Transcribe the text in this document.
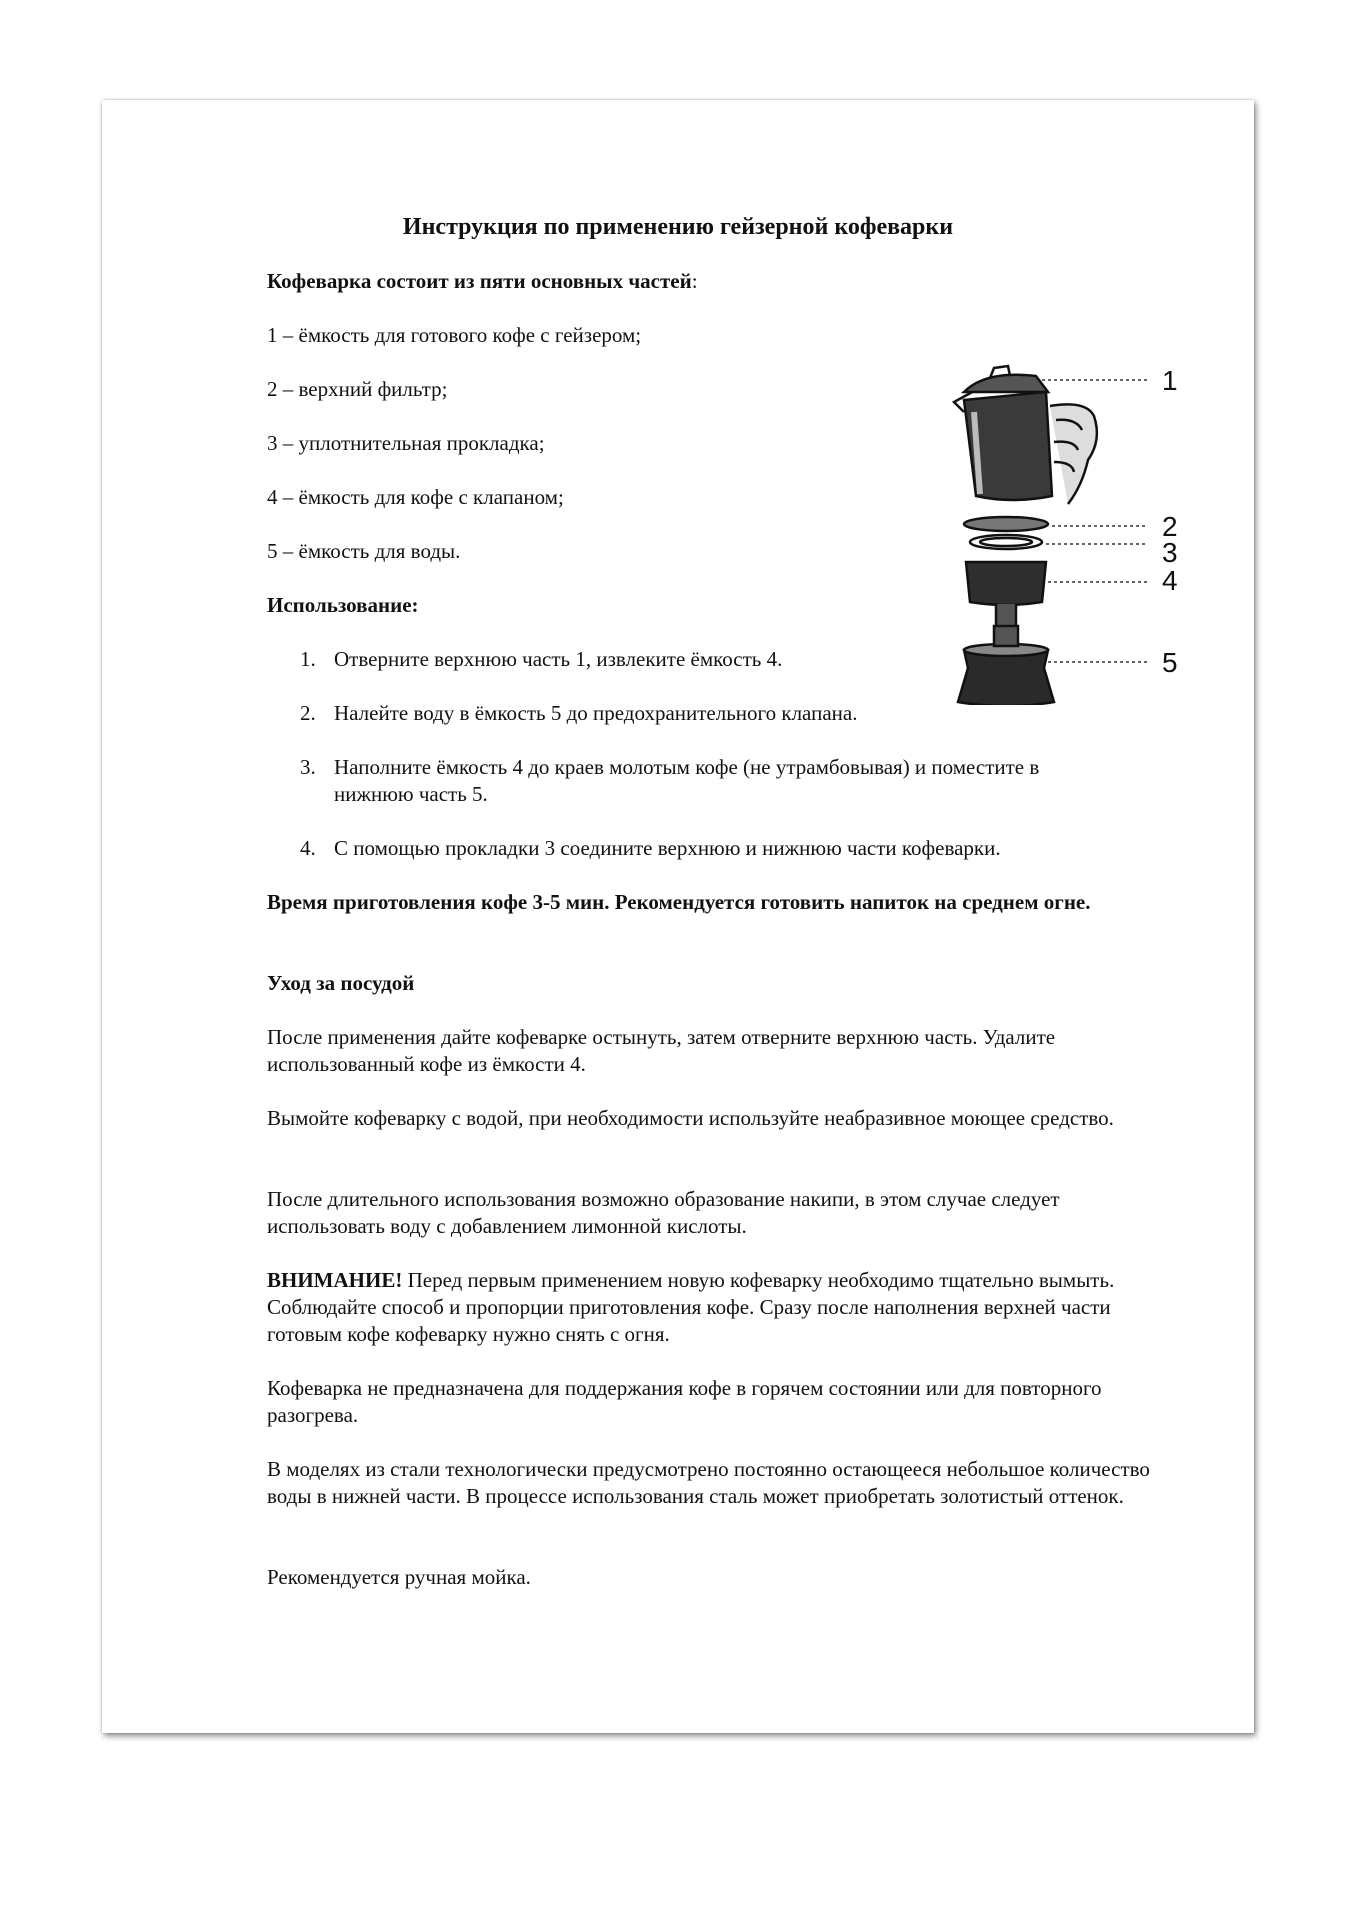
Инструкция по применению гейзерной кофеварки

Кофеварка состоит из пяти основных частей:

1 – ёмкость для готового кофе с гейзером;

2 – верхний фильтр;

3 – уплотнительная прокладка;

4 – ёмкость для кофе с клапаном;

5 – ёмкость для воды.

Использование:

1. Отверните верхнюю часть 1, извлеките ёмкость 4.

2. Налейте воду в ёмкость 5 до предохранительного клапана.

3. Наполните ёмкость 4 до краев молотым кофе (не утрамбовывая) и поместите в

нижнюю часть 5.

4. С помощью прокладки 3 соедините верхнюю и нижнюю части кофеварки.

Время приготовления кофе 3-5 мин. Рекомендуется готовить напиток на среднем огне.

Уход за посудой

После применения дайте кофеварке остынуть, затем отверните верхнюю часть. Удалите использованный кофе из ёмкости 4.

Вымойте кофеварку с водой, при необходимости используйте неабразивное моющее средство.

После длительного использования возможно образование накипи, в этом случае следует использовать воду с добавлением лимонной кислоты.

ВНИМАНИЕ! Перед первым применением новую кофеварку необходимо тщательно вымыть. Соблюдайте способ и пропорции приготовления кофе. Сразу после наполнения верхней части готовым кофе кофеварку нужно снять с огня.

Кофеварка не предназначена для поддержания кофе в горячем состоянии или для повторного разогрева.

В моделях из стали технологически предусмотрено постоянно остающееся небольшое количество воды в нижней части. В процессе использования сталь может приобретать золотистый оттенок.

Рекомендуется ручная мойка.

1
2
3
4
5
